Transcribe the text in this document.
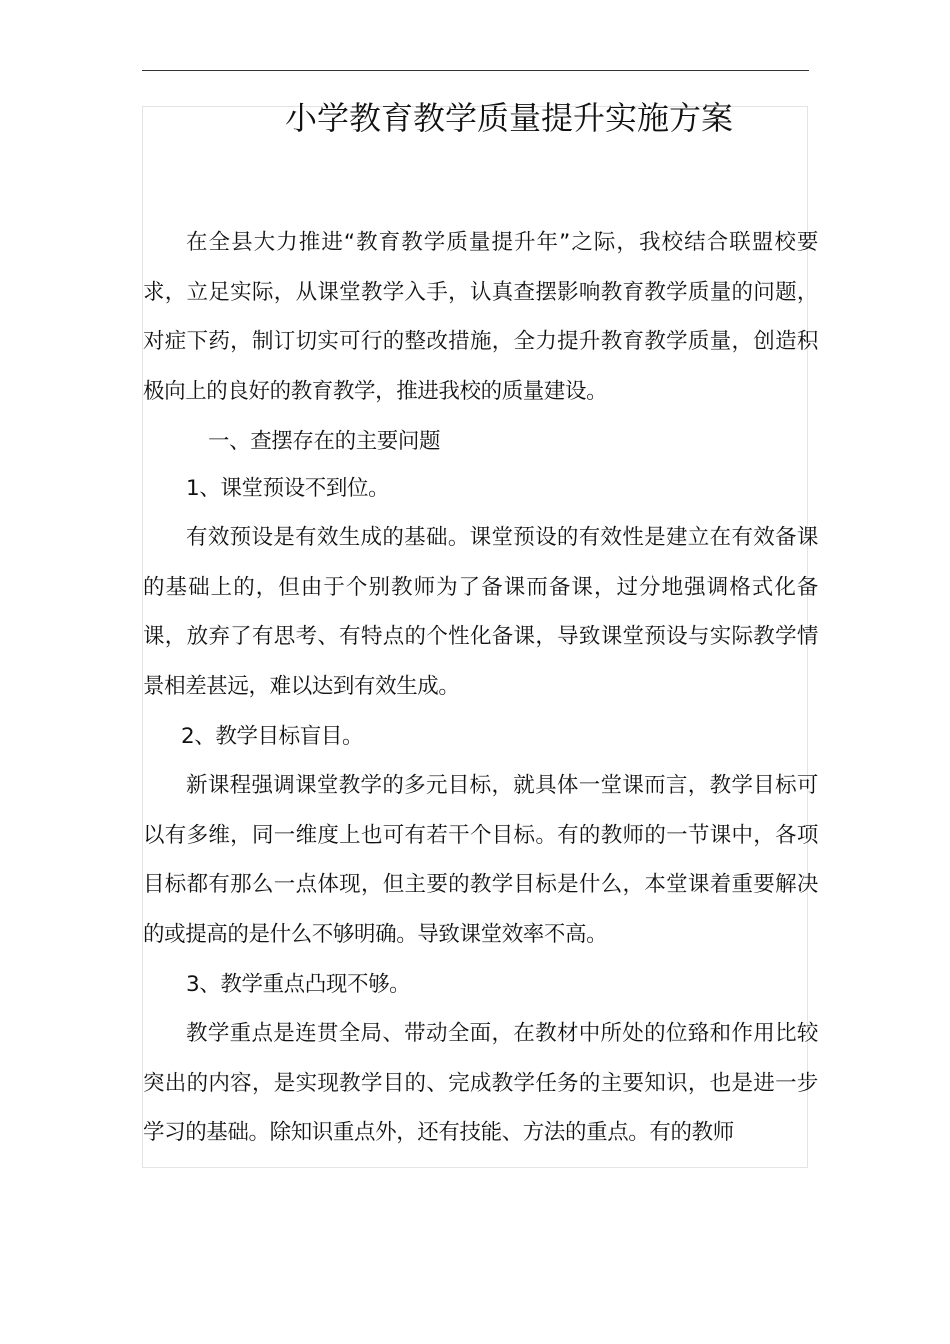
小学教育教学质量提升实施方案

在全县大力推进“教育教学质量提升年”之际，我校结合联盟校要求，立足实际，从课堂教学入手，认真查摆影响教育教学质量的问题，对症下药，制订切实可行的整改措施，全力提升教育教学质量，创造积极向上的良好的教育教学，推进我校的质量建设。

一、查摆存在的主要问题

1、课堂预设不到位。

有效预设是有效生成的基础。课堂预设的有效性是建立在有效备课的基础上的，但由于个别教师为了备课而备课，过分地强调格式化备课，放弃了有思考、有特点的个性化备课，导致课堂预设与实际教学情景相差甚远，难以达到有效生成。

2、教学目标盲目。

新课程强调课堂教学的多元目标，就具体一堂课而言，教学目标可以有多维，同一维度上也可有若干个目标。有的教师的一节课中，各项目标都有那么一点体现，但主要的教学目标是什么，本堂课着重要解决的或提高的是什么不够明确。导致课堂效率不高。

3、教学重点凸现不够。

教学重点是连贯全局、带动全面，在教材中所处的位臵和作用比较突出的内容，是实现教学目的、完成教学任务的主要知识，也是进一步学习的基础。除知识重点外，还有技能、方法的重点。有的教师
